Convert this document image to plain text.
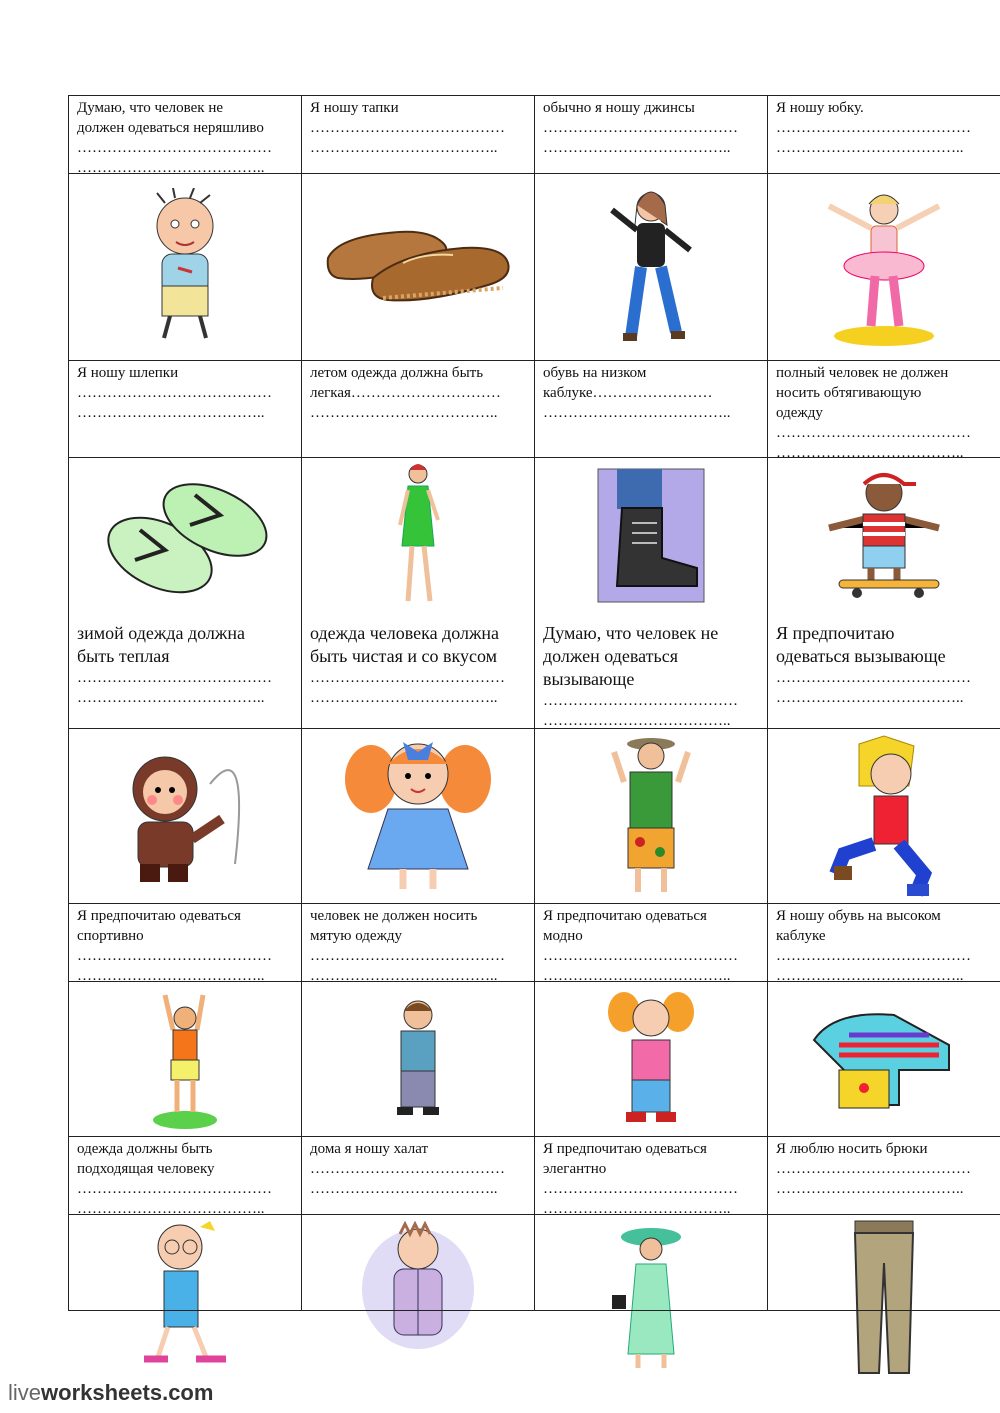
Думаю, что человек не
должен одеваться неряшливо
…………………………………
………………………………..
Я ношу тапки
…………………………………
………………………………..
обычно я ношу джинсы
…………………………………
………………………………..
Я ношу юбку.
…………………………………
………………………………..
Я ношу шлепки
…………………………………
………………………………..
летом одежда должна быть
легкая…………………………
………………………………..
обувь на низком
каблуке……………………
………………………………..
полный человек не должен
носить обтягивающую
одежду
…………………………………
………………………………..
зимой одежда должна
быть теплая
…………………………………
………………………………..
одежда человека должна
быть чистая и со вкусом
…………………………………
………………………………..
Думаю, что человек не
должен одеваться
вызывающе
…………………………………
………………………………..
Я предпочитаю
одеваться вызывающе
…………………………………
………………………………..
Я предпочитаю одеваться
спортивно
…………………………………
………………………………..
человек не должен носить
мятую одежду
…………………………………
………………………………..
Я предпочитаю одеваться
модно
…………………………………
………………………………..
Я ношу обувь на высоком
каблуке
…………………………………
………………………………..
одежда должны быть
подходящая человеку
…………………………………
………………………………..
дома я ношу халат
…………………………………
………………………………..
Я предпочитаю одеваться
элегантно
…………………………………
………………………………..
Я люблю носить брюки
…………………………………
………………………………..
liveworksheets.com
